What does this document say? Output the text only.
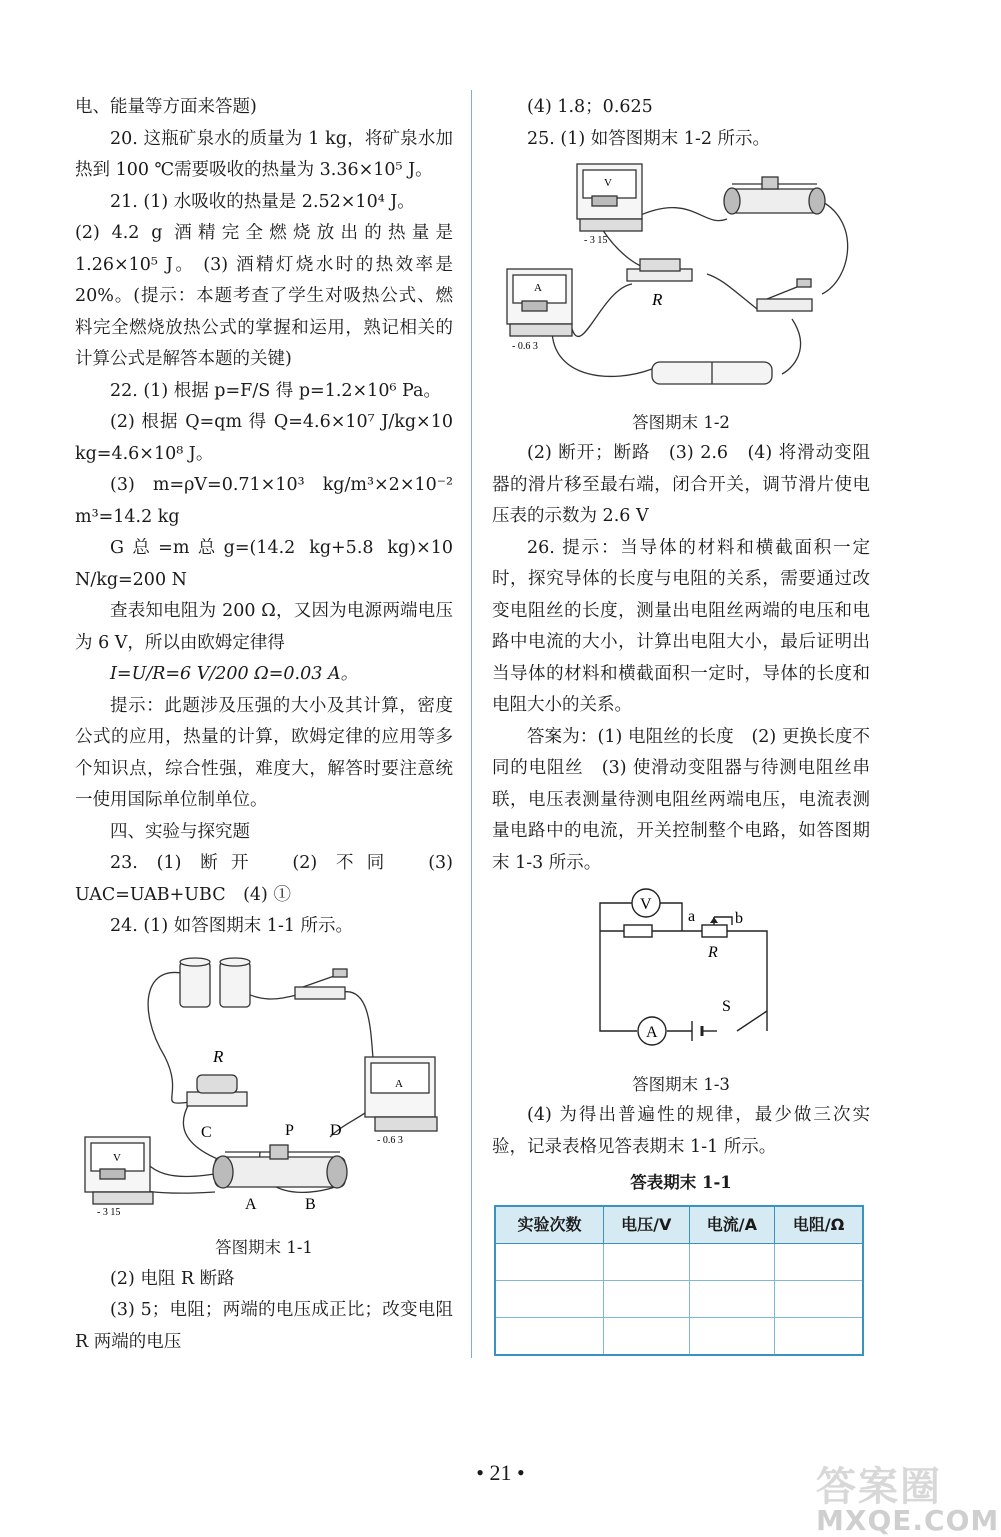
电、能量等方面来答题)

20. 这瓶矿泉水的质量为 1 kg，将矿泉水加热到 100 ℃需要吸收的热量为 3.36×10⁵ J。

21. (1) 水吸收的热量是 2.52×10⁴ J。

(2) 4.2 g 酒精完全燃烧放出的热量是 1.26×10⁵ J。 (3) 酒精灯烧水时的热效率是 20%。(提示：本题考查了学生对吸热公式、燃料完全燃烧放热公式的掌握和运用，熟记相关的计算公式是解答本题的关键)

22. (1) 根据 p=F/S 得 p=1.2×10⁶ Pa。

(2) 根据 Q=qm 得 Q=4.6×10⁷ J/kg×10 kg=4.6×10⁸ J。

(3) m=ρV=0.71×10³ kg/m³×2×10⁻² m³=14.2 kg

G总=m总g=(14.2 kg+5.8 kg)×10 N/kg=200 N

查表知电阻为 200 Ω，又因为电源两端电压为 6 V，所以由欧姆定律得

I=U/R=6 V/200 Ω=0.03 A。

提示：此题涉及压强的大小及其计算，密度公式的应用，热量的计算，欧姆定律的应用等多个知识点，综合性强，难度大，解答时要注意统一使用国际单位制单位。

四、实验与探究题

23. (1) 断开　(2) 不同　(3) UAC=UAB+UBC　(4) ①

24. (1) 如答图期末 1-1 所示。

R
A
- 0.6 3
V
- 3 15
C	P D
A	B

答图期末 1-1

(2) 电阻 R 断路

(3) 5；电阻；两端的电压成正比；改变电阻 R 两端的电压

(4) 1.8；0.625

25. (1) 如答图期末 1-2 所示。

V
- 3 15
R
A
- 0.6 3

答图期末 1-2

(2) 断开；断路　(3) 2.6　(4) 将滑动变阻器的滑片移至最右端，闭合开关，调节滑片使电压表的示数为 2.6 V

26. 提示：当导体的材料和横截面积一定时，探究导体的长度与电阻的关系，需要通过改变电阻丝的长度，测量出电阻丝两端的电压和电路中电流的大小，计算出电阻大小，最后证明出当导体的材料和横截面积一定时，导体的长度和电阻大小的关系。

答案为：(1) 电阻丝的长度　(2) 更换长度不同的电阻丝　(3) 使滑动变阻器与待测电阻丝串联，电压表测量待测电阻丝两端电压，电流表测量电路中的电流，开关控制整个电路，如答图期末 1-3 所示。

V
A
a b
R
S

答图期末 1-3

(4) 为得出普遍性的规律，最少做三次实验，记录表格见答表期末 1-1 所示。

答表期末 1-1

实验次数	电压/V	电流/A	电阻/Ω

• 21 •	答案圈
MXQE.COM
